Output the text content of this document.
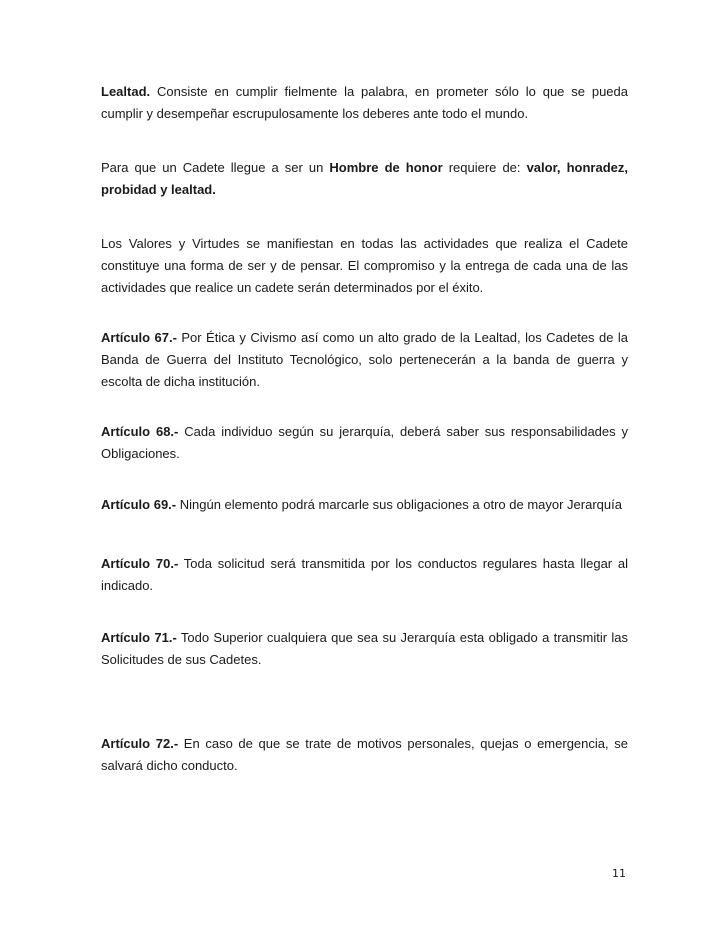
Lealtad. Consiste en cumplir fielmente la palabra, en prometer sólo lo que se pueda cumplir y desempeñar escrupulosamente los deberes ante todo el mundo.

Para que un Cadete llegue a ser un Hombre de honor requiere de: valor, honradez, probidad y lealtad.

Los Valores y Virtudes se manifiestan en todas las actividades que realiza el Cadete constituye una forma de ser y de pensar. El compromiso y la entrega de cada una de las actividades que realice un cadete serán determinados por el éxito.

Artículo 67.- Por Ética y Civismo así como un alto grado de la Lealtad, los Cadetes de la Banda de Guerra del Instituto Tecnológico, solo pertenecerán a la banda de guerra y escolta de dicha institución.

Artículo 68.- Cada individuo según su jerarquía, deberá saber sus responsabilidades y Obligaciones.

Artículo 69.- Ningún elemento podrá marcarle sus obligaciones a otro de mayor Jerarquía

Artículo 70.- Toda solicitud será transmitida por los conductos regulares hasta llegar al indicado.

Artículo 71.- Todo Superior cualquiera que sea su Jerarquía esta obligado a transmitir las Solicitudes de sus Cadetes.

Artículo 72.- En caso de que se trate de motivos personales, quejas o emergencia, se salvará dicho conducto.

11
